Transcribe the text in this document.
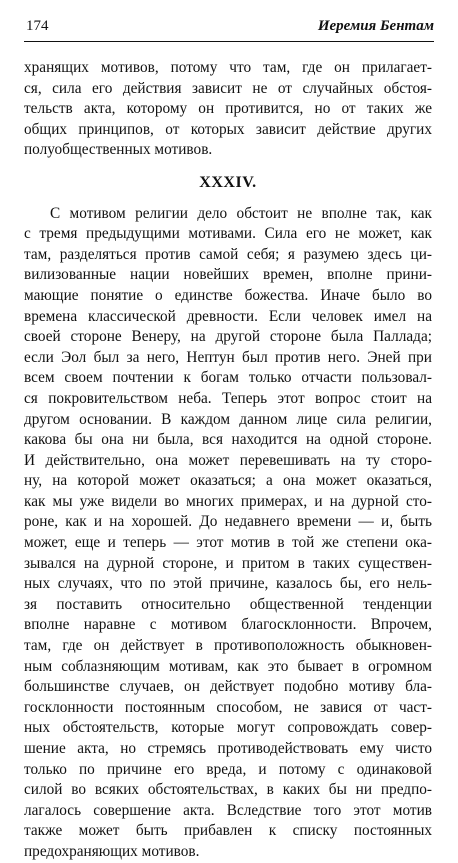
174	Иеремия Бентам

хранящих мотивов, потому что там, где он прилагает-
ся, сила его действия зависит не от случайных обстоя-
тельств акта, которому он противится, но от таких же
общих принципов, от которых зависит действие других
полуобщественных мотивов.

XXXIV.

С мотивом религии дело обстоит не вполне так, как
с тремя предыдущими мотивами. Сила его не может, как
там, разделяться против самой себя; я разумею здесь ци-
вилизованные нации новейших времен, вполне прини-
мающие понятие о единстве божества. Иначе было во
времена классической древности. Если человек имел на
своей стороне Венеру, на другой стороне была Паллада;
если Эол был за него, Нептун был против него. Эней при
всем своем почтении к богам только отчасти пользовал-
ся покровительством неба. Теперь этот вопрос стоит на
другом основании. В каждом данном лице сила религии,
какова бы она ни была, вся находится на одной стороне.
И действительно, она может перевешивать на ту сторо-
ну, на которой может оказаться; а она может оказаться,
как мы уже видели во многих примерах, и на дурной сто-
роне, как и на хорошей. До недавнего времени — и, быть
может, еще и теперь — этот мотив в той же степени ока-
зывался на дурной стороне, и притом в таких существен-
ных случаях, что по этой причине, казалось бы, его нель-
зя поставить относительно общественной тенденции
вполне наравне с мотивом благосклонности. Впрочем,
там, где он действует в противоположность обыкновен-
ным соблазняющим мотивам, как это бывает в огромном
большинстве случаев, он действует подобно мотиву бла-
госклонности постоянным способом, не завися от част-
ных обстоятельств, которые могут сопровождать совер-
шение акта, но стремясь противодействовать ему чисто
только по причине его вреда, и потому с одинаковой
силой во всяких обстоятельствах, в каких бы ни предпо-
лагалось совершение акта. Вследствие того этот мотив
также может быть прибавлен к списку постоянных
предохраняющих мотивов.
